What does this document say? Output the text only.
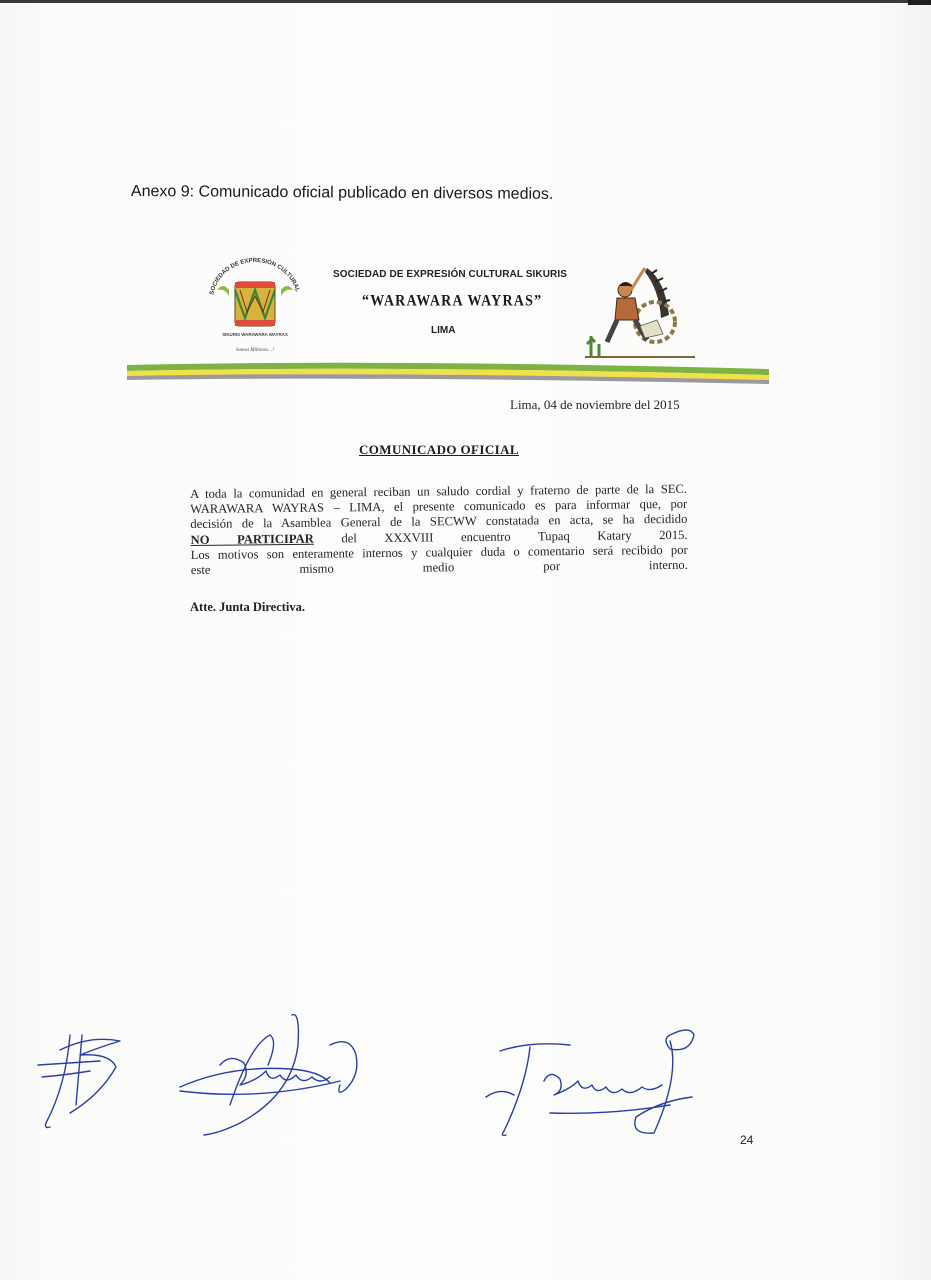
Anexo 9: Comunicado oficial publicado en diversos medios.
SOCIEDAD DE EXPRESIÓN CULTURAL
SIKURIS WARAWARA WAYRAS
Somos Millones…!
SOCIEDAD DE EXPRESIÓN CULTURAL SIKURIS
“WARAWARA WAYRAS”
LIMA
Lima, 04 de noviembre del 2015
COMUNICADO OFICIAL
A toda la comunidad en general reciban un saludo cordial y fraterno de parte de la SEC.
WARAWARA WAYRAS – LIMA, el presente comunicado es para informar que, por
decisión de la Asamblea General de la SECWW constatada en acta, se ha decidido
NO PARTICIPAR del XXXVIII encuentro Tupaq Katary 2015.
Los motivos son enteramente internos y cualquier duda o comentario será recibido por
este mismo medio por interno.
Atte. Junta Directiva.
24
